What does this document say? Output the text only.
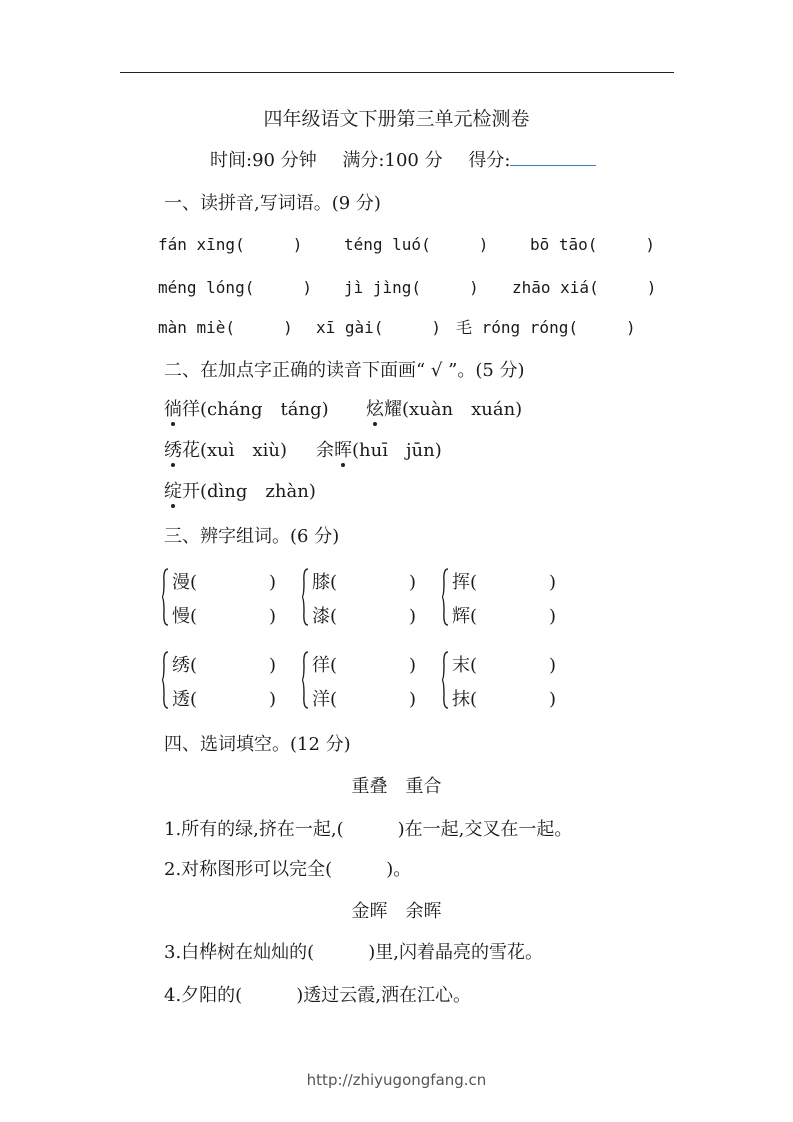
四年级语文下册第三单元检测卷
时间:90 分钟 满分:100 分 得分:
一、读拼音,写词语。(9 分)
fán xīng(　　　)	téng luó(　　　)	bō tāo(　　　)
méng lóng(　　　) jì jìng(　　　) zhāo xiá(　　　)
màn miè(　　　) xī gài(　　　) 毛 róng róng(　　　)
二、在加点字正确的读音下面画“ √ ”。(5 分)
徜徉(cháng　táng) 炫耀(xuàn　xuán)
绣花(xuì　xiù) 余晖(huī　jūn)
绽开(dìng　zhàn)
三、辨字组词。(6 分)
漫(　　　　)
慢(　　　　)
膝(　　　　)
漆(　　　　)
挥(　　　　)
辉(　　　　)
绣(　　　　)
透(　　　　)
徉(　　　　)
洋(　　　　)
末(　　　　)
抹(　　　　)
四、选词填空。(12 分)
重叠　重合
1.所有的绿,挤在一起,(　　　)在一起,交叉在一起。
2.对称图形可以完全(　　　)。
金晖　余晖
3.白桦树在灿灿的(　　　)里,闪着晶亮的雪花。
4.夕阳的(　　　)透过云霞,洒在江心。
http://zhiyugongfang.cn
